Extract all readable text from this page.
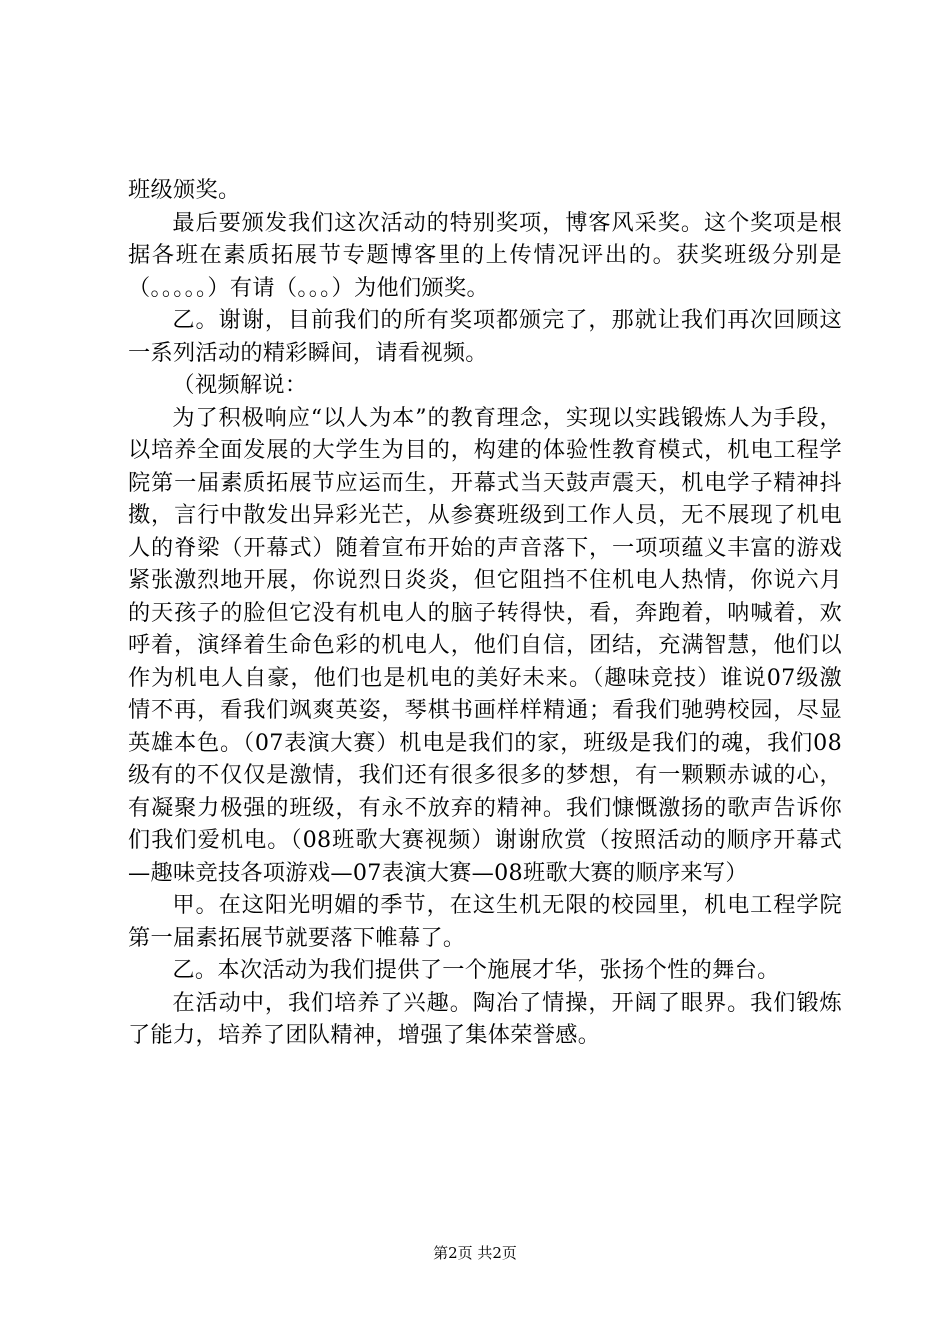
班级颁奖。

最后要颁发我们这次活动的特别奖项，博客风采奖。这个奖项是根据各班在素质拓展节专题博客里的上传情况评出的。获奖班级分别是（。。。。。）有请（。。。）为他们颁奖。

乙。谢谢，目前我们的所有奖项都颁完了，那就让我们再次回顾这一系列活动的精彩瞬间，请看视频。

（视频解说：

为了积极响应“以人为本”的教育理念，实现以实践锻炼人为手段，以培养全面发展的大学生为目的，构建的体验性教育模式，机电工程学院第一届素质拓展节应运而生，开幕式当天鼓声震天，机电学子精神抖擞，言行中散发出异彩光芒，从参赛班级到工作人员，无不展现了机电人的脊梁（开幕式）随着宣布开始的声音落下，一项项蕴义丰富的游戏紧张激烈地开展，你说烈日炎炎，但它阻挡不住机电人热情，你说六月的天孩子的脸但它没有机电人的脑子转得快，看，奔跑着，呐喊着，欢呼着，演绎着生命色彩的机电人，他们自信，团结，充满智慧，他们以作为机电人自豪，他们也是机电的美好未来。（趣味竞技）谁说07级激情不再，看我们飒爽英姿，琴棋书画样样精通；看我们驰骋校园，尽显英雄本色。（07表演大赛）机电是我们的家，班级是我们的魂，我们08级有的不仅仅是激情，我们还有很多很多的梦想，有一颗颗赤诚的心，有凝聚力极强的班级，有永不放弃的精神。我们慷慨激扬的歌声告诉你们我们爱机电。（08班歌大赛视频）谢谢欣赏（按照活动的顺序开幕式—趣味竞技各项游戏—07表演大赛—08班歌大赛的顺序来写）

甲。在这阳光明媚的季节，在这生机无限的校园里，机电工程学院第一届素拓展节就要落下帷幕了。

乙。本次活动为我们提供了一个施展才华，张扬个性的舞台。

在活动中，我们培养了兴趣。陶冶了情操，开阔了眼界。我们锻炼了能力，培养了团队精神，增强了集体荣誉感。

第2页 共2页
